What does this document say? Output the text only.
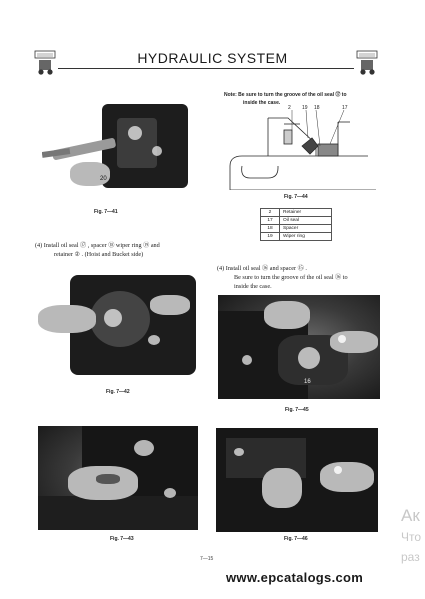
HYDRAULIC SYSTEM
20
Fig. 7—41
Note: Be sure to turn the groove of the oil seal ⑰ to
inside the case.
2 19 18	17
Fig. 7—44
2	Retainer
17	Oil seal
18	Spacer
19	Wiper ring
(4) Install oil seal ⑰ , spacer ⑱ wiper ring ⑲ and
retainer ② . (Hoist and Bucket side)
(4) Install oil seal ⑯ and spacer ⑮ .
Be sure to turn the groove of the oil seal ⑯ to
inside the case.
Fig. 7—42
16
Fig. 7—45
Fig. 7—43	Fig. 7—46
7—15
Ак
Что
раз
www.epcatalogs.com
